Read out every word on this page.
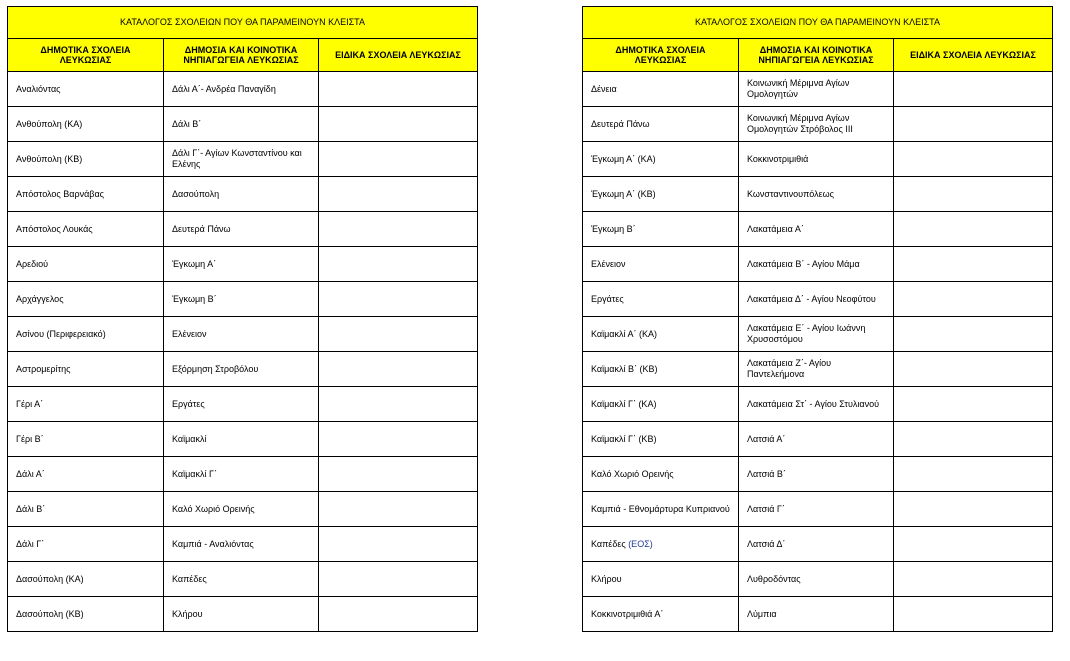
ΚΑΤΑΛΟΓΟΣ ΣΧΟΛΕΙΩΝ ΠΟΥ ΘΑ ΠΑΡΑΜΕΙΝΟΥΝ ΚΛΕΙΣΤΑ		
ΔΗΜΟΤΙΚΑ ΣΧΟΛΕΙΑ ΛΕΥΚΩΣΙΑΣ	ΔΗΜΟΣΙΑ ΚΑΙ ΚΟΙΝΟΤΙΚΑ ΝΗΠΙΑΓΩΓΕΙΑ ΛΕΥΚΩΣΙΑΣ	ΕΙΔΙΚΑ ΣΧΟΛΕΙΑ ΛΕΥΚΩΣΙΑΣ
Αναλιόντας	Δάλι Α΄- Ανδρέα Παναγίδη	
Ανθούπολη (ΚΑ)	Δάλι Β΄	
Ανθούπολη (ΚΒ)	Δάλι Γ΄- Αγίων Κωνσταντίνου και Ελένης	
Απόστολος Βαρνάβας	Δασούπολη	
Απόστολος Λουκάς	Δευτερά Πάνω	
Αρεδιού	Έγκωμη Α΄	
Αρχάγγελος	Έγκωμη Β΄	
Ασίνου (Περιφερειακό)	Ελένειον	
Αστρομερίτης	Εξόρμηση Στροβόλου	
Γέρι Α΄	Εργάτες	
Γέρι Β΄	Καϊμακλί	
Δάλι Α΄	Καϊμακλί Γ΄	
Δάλι Β΄	Καλό Χωριό Ορεινής	
Δάλι Γ΄	Καμπιά - Αναλιόντας	
Δασούπολη (ΚΑ)	Καπέδες	
Δασούπολη (ΚΒ)	Κλήρου	
ΚΑΤΑΛΟΓΟΣ ΣΧΟΛΕΙΩΝ ΠΟΥ ΘΑ ΠΑΡΑΜΕΙΝΟΥΝ ΚΛΕΙΣΤΑ		
ΔΗΜΟΤΙΚΑ ΣΧΟΛΕΙΑ ΛΕΥΚΩΣΙΑΣ	ΔΗΜΟΣΙΑ ΚΑΙ ΚΟΙΝΟΤΙΚΑ ΝΗΠΙΑΓΩΓΕΙΑ ΛΕΥΚΩΣΙΑΣ	ΕΙΔΙΚΑ ΣΧΟΛΕΙΑ ΛΕΥΚΩΣΙΑΣ
Δένεια	Κοινωνική Μέριμνα Αγίων Ομολογητών	
Δευτερά Πάνω	Κοινωνική Μέριμνα Αγίων Ομολογητών Στρόβολος ΙΙΙ	
Έγκωμη Α΄ (ΚΑ)	Κοκκινοτριμιθιά	
Έγκωμη Α΄ (ΚΒ)	Κωνσταντινουπόλεως	
Έγκωμη Β΄	Λακατάμεια Α΄	
Ελένειον	Λακατάμεια Β΄ - Αγίου Μάμα	
Εργάτες	Λακατάμεια Δ΄ - Αγίου Νεοφύτου	
Καϊμακλί Α΄ (ΚΑ)	Λακατάμεια Ε΄ - Αγίου Ιωάννη Χρυσοστόμου	
Καϊμακλί Β΄ (ΚΒ)	Λακατάμεια Ζ΄- Αγίου Παντελεήμονα	
Καϊμακλί Γ΄ (ΚΑ)	Λακατάμεια Στ΄ - Αγίου Στυλιανού	
Καϊμακλί Γ΄ (ΚΒ)	Λατσιά Α΄	
Καλό Χωριό Ορεινής	Λατσιά Β΄	
Καμπιά - Εθνομάρτυρα Κυπριανού	Λατσιά Γ΄	
Καπέδες (ΕΟΣ)	Λατσιά Δ΄	
Κλήρου	Λυθροδόντας	
Κοκκινοτριμιθιά Α΄	Λύμπια	
